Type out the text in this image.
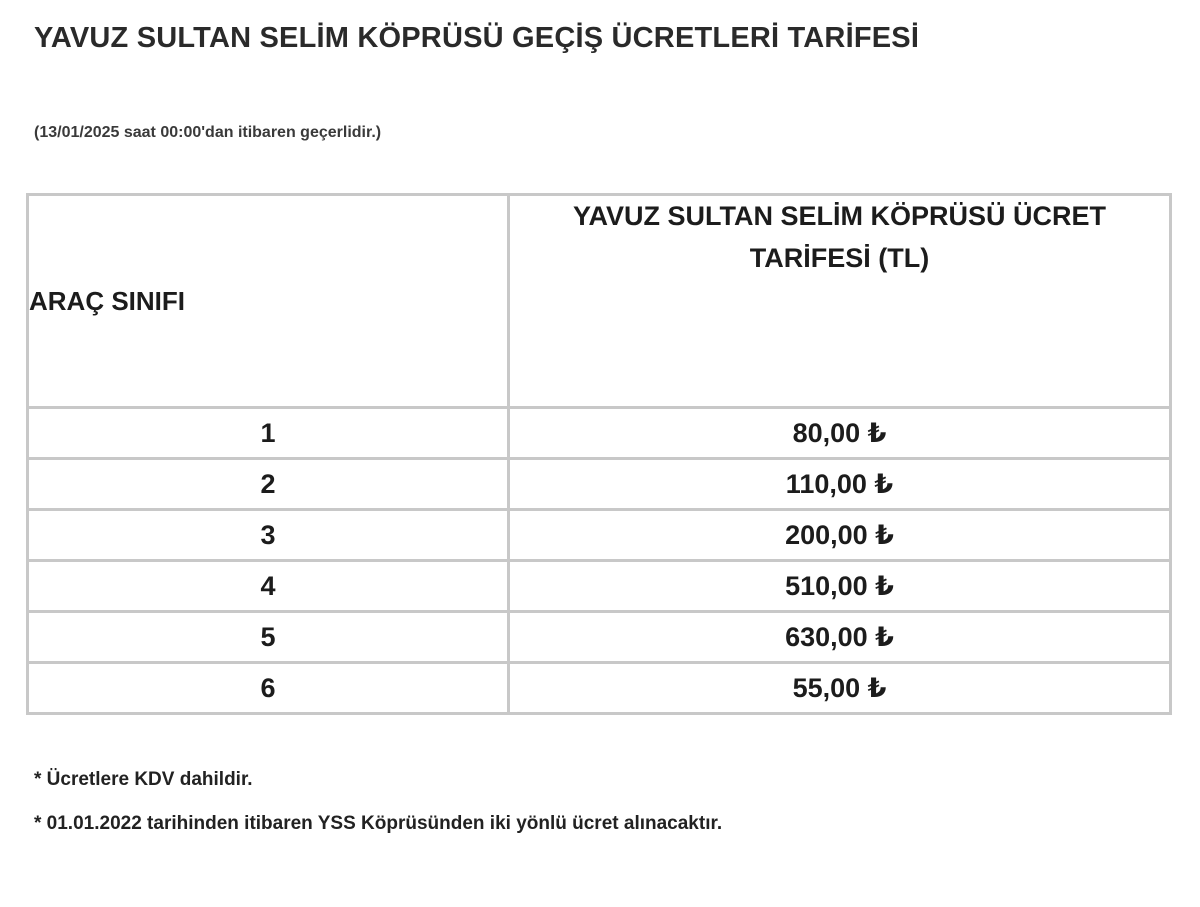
YAVUZ SULTAN SELİM KÖPRÜSÜ GEÇİŞ ÜCRETLERİ TARİFESİ
(13/01/2025 saat 00:00'dan itibaren geçerlidir.)
ARAÇ SINIFI	YAVUZ SULTAN SELİM KÖPRÜSÜ ÜCRET TARİFESİ (TL)
1	80,00 ₺
2	110,00 ₺
3	200,00 ₺
4	510,00 ₺
5	630,00 ₺
6	55,00 ₺
* Ücretlere KDV dahildir.
* 01.01.2022 tarihinden itibaren YSS Köprüsünden iki yönlü ücret alınacaktır.
